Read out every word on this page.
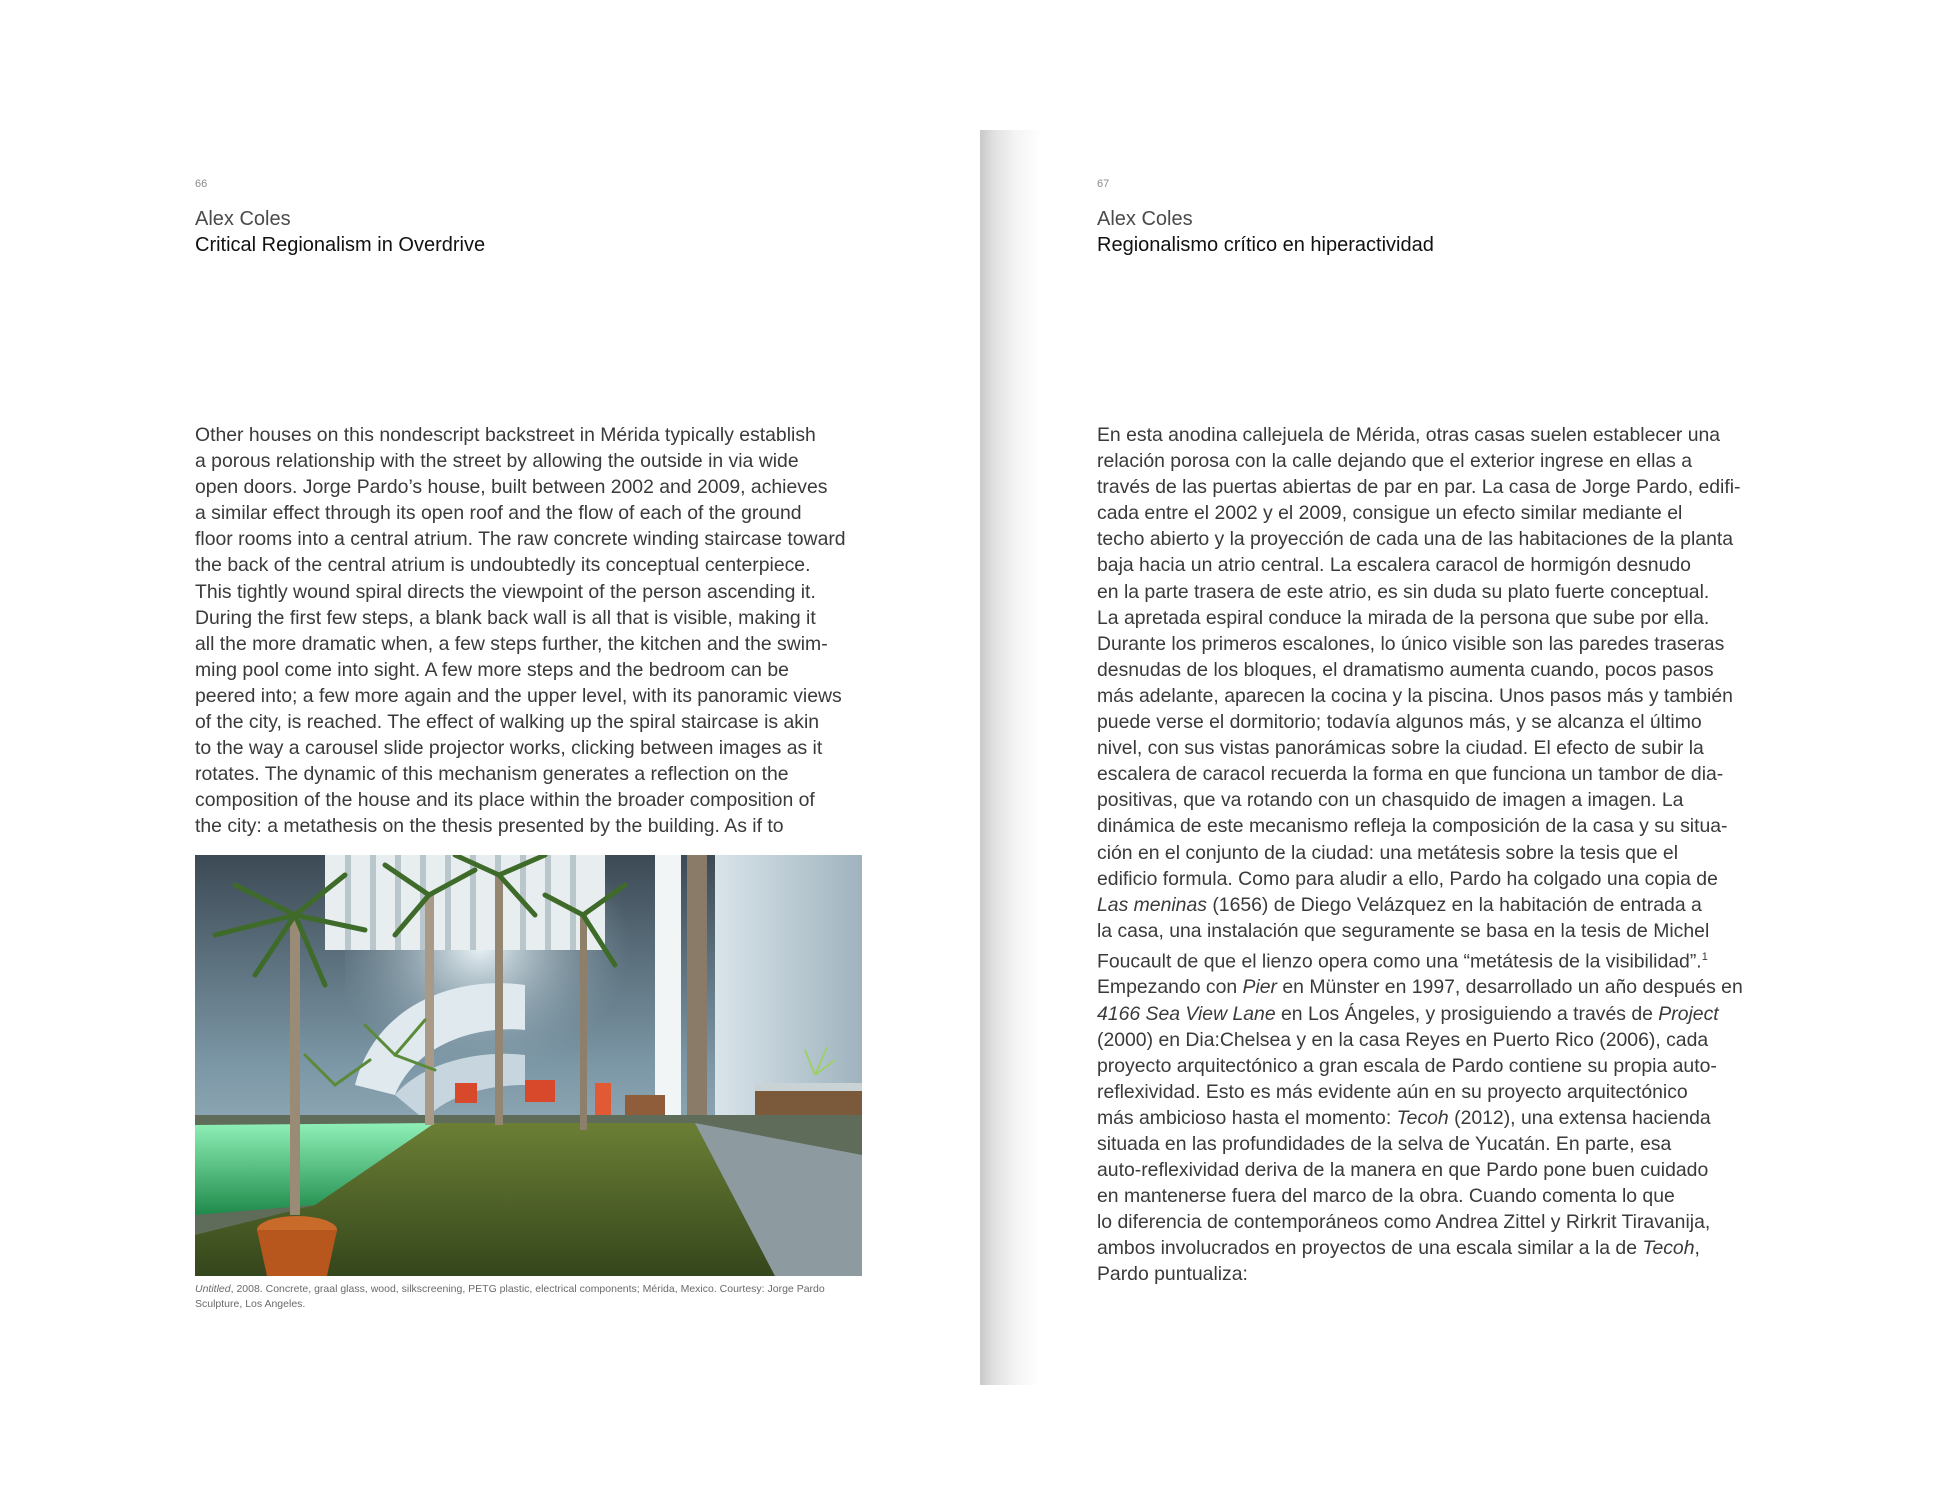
66
Alex Coles
Critical Regionalism in Overdrive
Other houses on this nondescript backstreet in Mérida typically establish
a porous relationship with the street by allowing the outside in via wide
open doors. Jorge Pardo’s house, built between 2002 and 2009, achieves
a similar effect through its open roof and the flow of each of the ground
floor rooms into a central atrium. The raw concrete winding staircase toward
the back of the central atrium is undoubtedly its conceptual centerpiece.
This tightly wound spiral directs the viewpoint of the person ascending it.
During the first few steps, a blank back wall is all that is visible, making it
all the more dramatic when, a few steps further, the kitchen and the swim-
ming pool come into sight. A few more steps and the bedroom can be
peered into; a few more again and the upper level, with its panoramic views
of the city, is reached. The effect of walking up the spiral staircase is akin
to the way a carousel slide projector works, clicking between images as it
rotates. The dynamic of this mechanism generates a reflection on the
composition of the house and its place within the broader composition of
the city: a metathesis on the thesis presented by the building. As if to
Untitled, 2008. Concrete, graal glass, wood, silkscreening, PETG plastic, electrical components; Mérida, Mexico. Courtesy: Jorge Pardo
Sculpture, Los Angeles.
67
Alex Coles
Regionalismo crítico en hiperactividad
En esta anodina callejuela de Mérida, otras casas suelen establecer una
relación porosa con la calle dejando que el exterior ingrese en ellas a
través de las puertas abiertas de par en par. La casa de Jorge Pardo, edifi-
cada entre el 2002 y el 2009, consigue un efecto similar mediante el
techo abierto y la proyección de cada una de las habitaciones de la planta
baja hacia un atrio central. La escalera caracol de hormigón desnudo
en la parte trasera de este atrio, es sin duda su plato fuerte conceptual.
La apretada espiral conduce la mirada de la persona que sube por ella.
Durante los primeros escalones, lo único visible son las paredes traseras
desnudas de los bloques, el dramatismo aumenta cuando, pocos pasos
más adelante, aparecen la cocina y la piscina. Unos pasos más y también
puede verse el dormitorio; todavía algunos más, y se alcanza el último
nivel, con sus vistas panorámicas sobre la ciudad. El efecto de subir la
escalera de caracol recuerda la forma en que funciona un tambor de dia-
positivas, que va rotando con un chasquido de imagen a imagen. La
dinámica de este mecanismo refleja la composición de la casa y su situa-
ción en el conjunto de la ciudad: una metátesis sobre la tesis que el
edificio formula. Como para aludir a ello, Pardo ha colgado una copia de
Las meninas (1656) de Diego Velázquez en la habitación de entrada a
la casa, una instalación que seguramente se basa en la tesis de Michel
Foucault de que el lienzo opera como una “metátesis de la visibilidad”.$^1$
Empezando con Pier en Münster en 1997, desarrollado un año después en
4166 Sea View Lane en Los Ángeles, y prosiguiendo a través de Project
(2000) en Dia:Chelsea y en la casa Reyes en Puerto Rico (2006), cada
proyecto arquitectónico a gran escala de Pardo contiene su propia auto-
reflexividad. Esto es más evidente aún en su proyecto arquitectónico
más ambicioso hasta el momento: Tecoh (2012), una extensa hacienda
situada en las profundidades de la selva de Yucatán. En parte, esa
auto-reflexividad deriva de la manera en que Pardo pone buen cuidado
en mantenerse fuera del marco de la obra. Cuando comenta lo que
lo diferencia de contemporáneos como Andrea Zittel y Rirkrit Tiravanija,
ambos involucrados en proyectos de una escala similar a la de Tecoh,
Pardo puntualiza:
